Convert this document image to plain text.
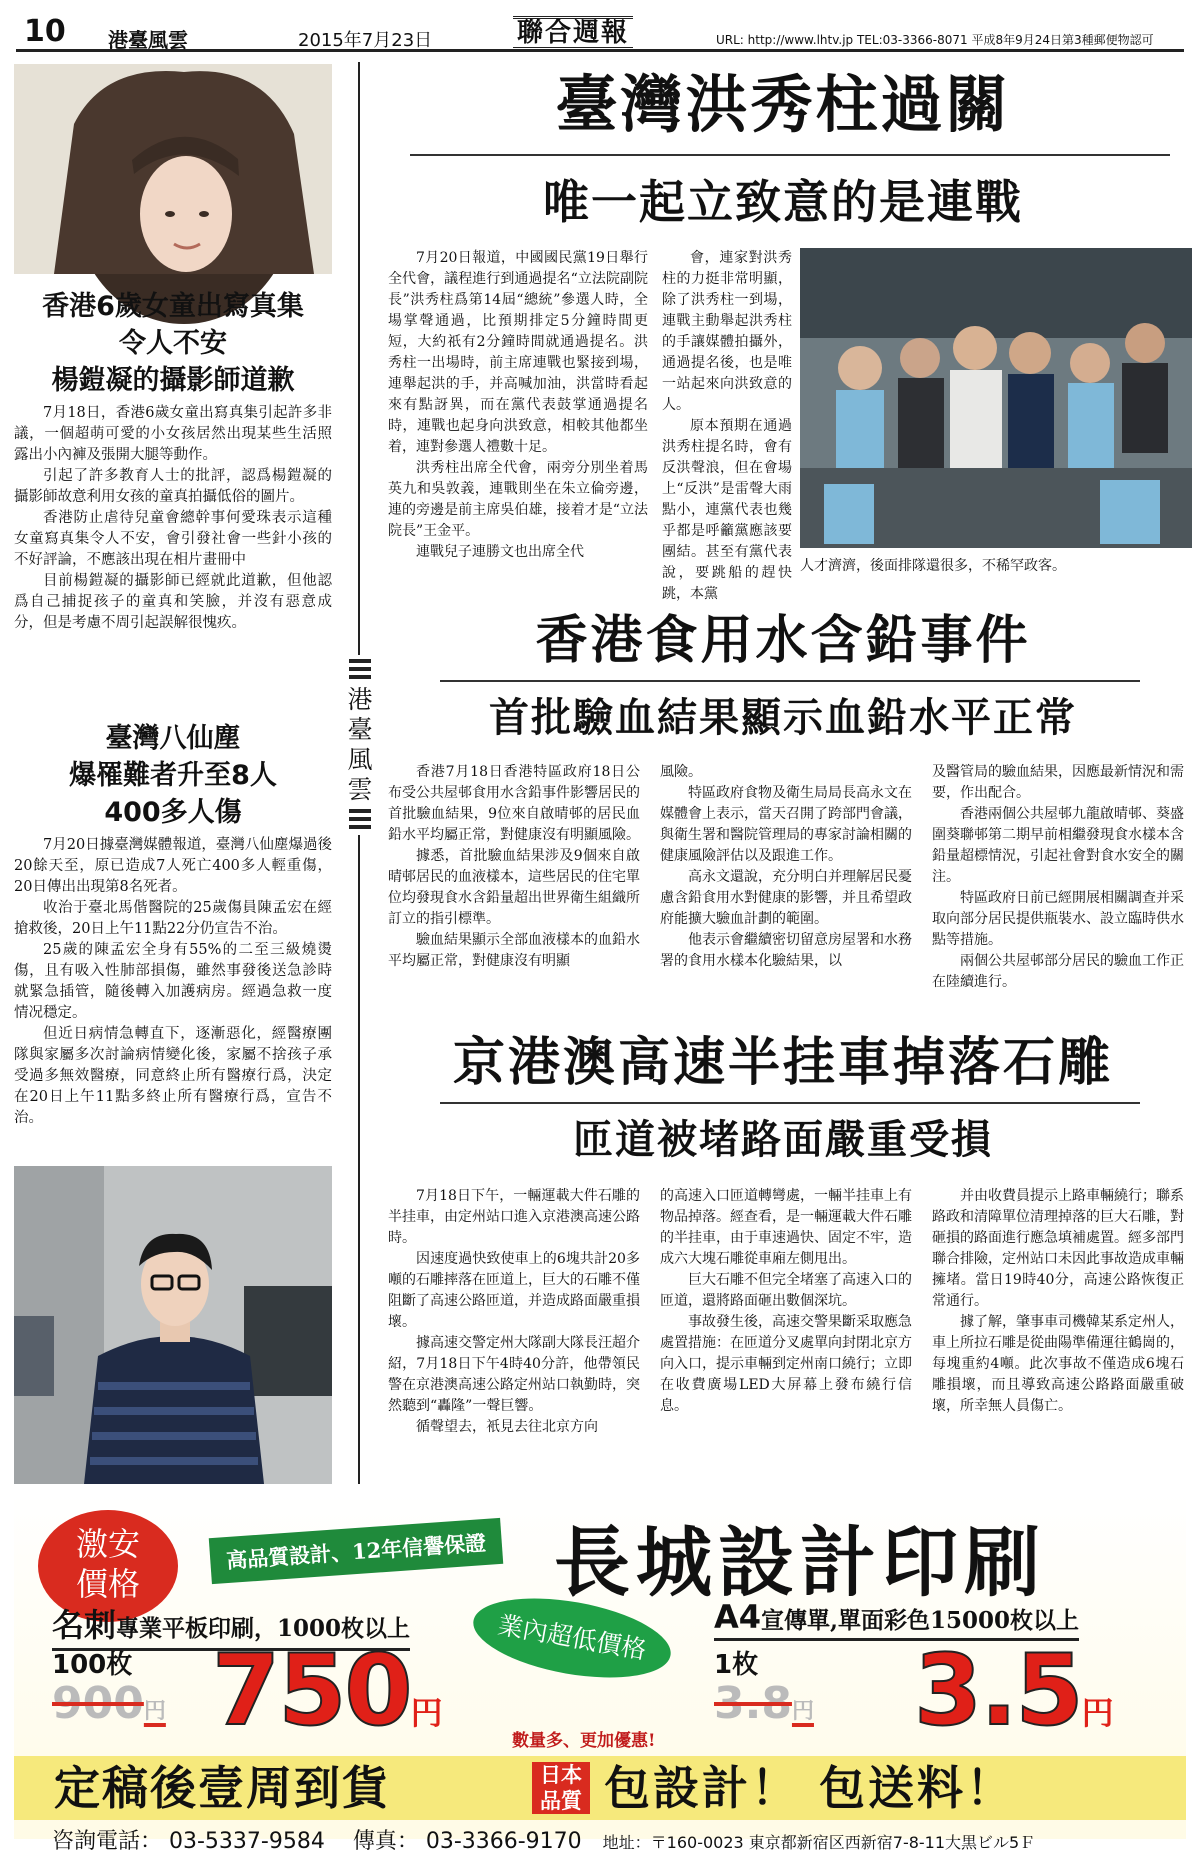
10 港臺風雲	2015年7月23日	聯合週報	URL: http://www.lhtv.jp TEL:03-3366-8071 平成8年9月24日第3種郵便物認可
香港6歲女童出寫真集
令人不安
楊鎧凝的攝影師道歉

7月18日，香港6歲女童出寫真集引起許多非議，一個超萌可愛的小女孩居然出現某些生活照露出小內褲及張開大腿等動作。

引起了許多教育人士的批評，認爲楊鎧凝的攝影師故意利用女孩的童真拍攝低俗的圖片。

香港防止虐待兒童會總幹事何愛珠表示這種女童寫真集令人不安，會引發社會一些針小孩的不好評論，不應該出現在相片畫冊中

目前楊鎧凝的攝影師已經就此道歉，但他認爲自己捕捉孩子的童真和笑臉，并沒有惡意成分，但是考慮不周引起誤解很愧疚。

臺灣八仙塵
爆罹難者升至8人
400多人傷

7月20日據臺灣媒體報道，臺灣八仙塵爆過後20餘天至，原已造成7人死亡400多人輕重傷，20日傳出出現第8名死者。

收治于臺北馬偕醫院的25歲傷員陳孟宏在經搶救後，20日上午11點22分仍宣告不治。

25歲的陳孟宏全身有55%的二至三級燒燙傷，且有吸入性肺部損傷，雖然事發後送急診時就緊急插管，隨後轉入加護病房。經過急救一度情况穩定。

但近日病情急轉直下，逐漸惡化，經醫療團隊與家屬多次討論病情變化後，家屬不捨孩子承受過多無效醫療，同意終止所有醫療行爲，決定在20日上午11點多終止所有醫療行爲，宣告不治。

港臺風雲
臺灣洪秀柱過關
唯一起立致意的是連戰

7月20日報道，中國國民黨19日舉行全代會，議程進行到通過提名“立法院副院長”洪秀柱爲第14屆“總統”參選人時，全場掌聲通過，比預期排定5分鐘時間更短，大約祇有2分鐘時間就通過提名。洪秀柱一出場時，前主席連戰也緊接到場，連舉起洪的手，并高喊加油，洪當時看起來有點訝異，而在黨代表鼓掌通過提名時，連戰也起身向洪致意，相較其他都坐着，連對參選人禮數十足。

洪秀柱出席全代會，兩旁分別坐着馬英九和吳敦義，連戰則坐在朱立倫旁邊，連的旁邊是前主席吳伯雄，接着才是“立法院長”王金平。

連戰兒子連勝文也出席全代

會，連家對洪秀柱的力挺非常明顯，除了洪秀柱一到場，連戰主動舉起洪秀柱的手讓媒體拍攝外，通過提名後，也是唯一站起來向洪致意的人。

原本預期在通過洪秀柱提名時，會有反洪聲浪，但在會場上“反洪”是雷聲大雨點小，連黨代表也幾乎都是呼籲黨應該要團結。甚至有黨代表說，要跳船的趕快跳，本黨

人才濟濟，後面排隊還很多，不稀罕政客。

香港食用水含鉛事件
首批驗血結果顯示血鉛水平正常

香港7月18日香港特區政府18日公布受公共屋邨食用水含鉛事件影響居民的首批驗血結果，9位來自啟晴邨的居民血鉛水平均屬正常，對健康沒有明顯風險。

據悉，首批驗血結果涉及9個來自啟晴邨居民的血液樣本，這些居民的住宅單位均發現食水含鉛量超出世界衛生組織所訂立的指引標準。

驗血結果顯示全部血液樣本的血鉛水平均屬正常，對健康沒有明顯

風險。

特區政府食物及衛生局局長高永文在媒體會上表示，當天召開了跨部門會議，與衛生署和醫院管理局的專家討論相關的健康風險評估以及跟進工作。

高永文還說，充分明白并理解居民憂慮含鉛食用水對健康的影響，并且希望政府能擴大驗血計劃的範圍。

他表示會繼續密切留意房屋署和水務署的食用水樣本化驗結果，以

及醫管局的驗血結果，因應最新情況和需要，作出配合。

香港兩個公共屋邨九龍啟晴邨、葵盛圍葵聯邨第二期早前相繼發現食水樣本含鉛量超標情況，引起社會對食水安全的關注。

特區政府日前已經開展相關調查并采取向部分居民提供瓶裝水、設立臨時供水點等措施。

兩個公共屋邨部分居民的驗血工作正在陸續進行。

京港澳高速半挂車掉落石雕
匝道被堵路面嚴重受損

7月18日下午，一輛運載大件石雕的半挂車，由定州站口進入京港澳高速公路時。

因速度過快致使車上的6塊共計20多噸的石雕摔落在匝道上，巨大的石雕不僅阻斷了高速公路匝道，并造成路面嚴重損壞。

據高速交警定州大隊副大隊長汪超介紹，7月18日下午4時40分許，他帶領民警在京港澳高速公路定州站口執勤時，突然聽到“轟隆”一聲巨響。

循聲望去，衹見去往北京方向

的高速入口匝道轉彎處，一輛半挂車上有物品掉落。經查看，是一輛運載大件石雕的半挂車，由于車速過快、固定不牢，造成六大塊石雕從車廂左側甩出。

巨大石雕不但完全堵塞了高速入口的匝道，還將路面砸出數個深坑。

事故發生後，高速交警果斷采取應急處置措施：在匝道分叉處單向封閉北京方向入口，提示車輛到定州南口繞行；立即在收費廣場LED大屏幕上發布繞行信息。

并由收費員提示上路車輛繞行；聯系路政和清障單位清理掉落的巨大石雕，對砸損的路面進行應急填補處置。經多部門聯合排險，定州站口未因此事故造成車輛擁堵。當日19時40分，高速公路恢復正常通行。

據了解，肇事車司機韓某系定州人，車上所拉石雕是從曲陽準備運往鶴崗的，每塊重約4噸。此次事故不僅造成6塊石雕損壞，而且導致高速公路路面嚴重破壞，所幸無人員傷亡。

激安
價格
高品質設計、12年信譽保證 長城設計印刷
名刺專業平板印刷，1000枚以上	業內超低價格	A4宣傳單,單面彩色15000枚以上
100枚
900円 750円
數量多、更加優惠!
1枚
3.8円 3.5円
定稿後壹周到貨	日本
品質 包設計！ 包送料！
咨詢電話： 03-5337-9584 傳真： 03-3366-9170 地址：〒160-0023 東京都新宿区西新宿7-8-11大黒ビル5Ｆ
